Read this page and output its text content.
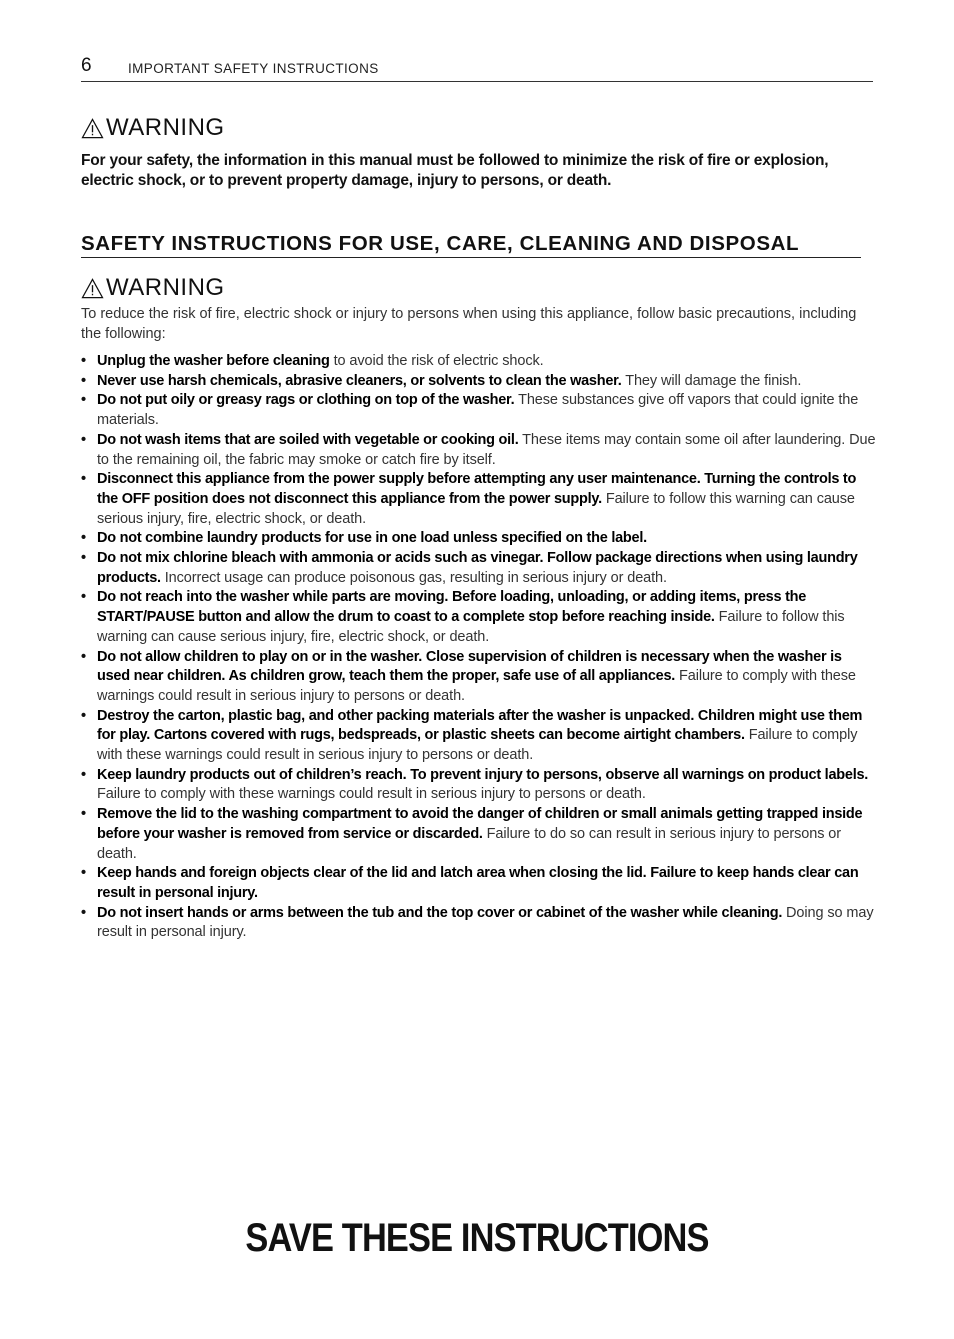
6	IMPORTANT SAFETY INSTRUCTIONS
WARNING
For your safety, the information in this manual must be followed to minimize the risk of fire or explosion, electric shock, or to prevent property damage, injury to persons, or death.
SAFETY INSTRUCTIONS FOR USE, CARE, CLEANING AND DISPOSAL
WARNING
To reduce the risk of fire, electric shock or injury to persons when using this appliance, follow basic precautions, including the following:
• Unplug the washer before cleaning to avoid the risk of electric shock.
• Never use harsh chemicals, abrasive cleaners, or solvents to clean the washer. They will damage the finish.
• Do not put oily or greasy rags or clothing on top of the washer. These substances give off vapors that could ignite the materials.
• Do not wash items that are soiled with vegetable or cooking oil. These items may contain some oil after laundering. Due to the remaining oil, the fabric may smoke or catch fire by itself.
• Disconnect this appliance from the power supply before attempting any user maintenance. Turning the controls to the OFF position does not disconnect this appliance from the power supply. Failure to follow this warning can cause serious injury, fire, electric shock, or death.
• Do not combine laundry products for use in one load unless specified on the label.
• Do not mix chlorine bleach with ammonia or acids such as vinegar. Follow package directions when using laundry products. Incorrect usage can produce poisonous gas, resulting in serious injury or death.
• Do not reach into the washer while parts are moving. Before loading, unloading, or adding items, press the START/PAUSE button and allow the drum to coast to a complete stop before reaching inside. Failure to follow this warning can cause serious injury, fire, electric shock, or death.
• Do not allow children to play on or in the washer. Close supervision of children is necessary when the washer is used near children. As children grow, teach them the proper, safe use of all appliances. Failure to comply with these warnings could result in serious injury to persons or death.
• Destroy the carton, plastic bag, and other packing materials after the washer is unpacked. Children might use them for play. Cartons covered with rugs, bedspreads, or plastic sheets can become airtight chambers. Failure to comply with these warnings could result in serious injury to persons or death.
• Keep laundry products out of children’s reach. To prevent injury to persons, observe all warnings on product labels. Failure to comply with these warnings could result in serious injury to persons or death.
• Remove the lid to the washing compartment to avoid the danger of children or small animals getting trapped inside before your washer is removed from service or discarded. Failure to do so can result in serious injury to persons or death.
• Keep hands and foreign objects clear of the lid and latch area when closing the lid. Failure to keep hands clear can result in personal injury.
• Do not insert hands or arms between the tub and the top cover or cabinet of the washer while cleaning. Doing so may result in personal injury.
SAVE THESE INSTRUCTIONS
